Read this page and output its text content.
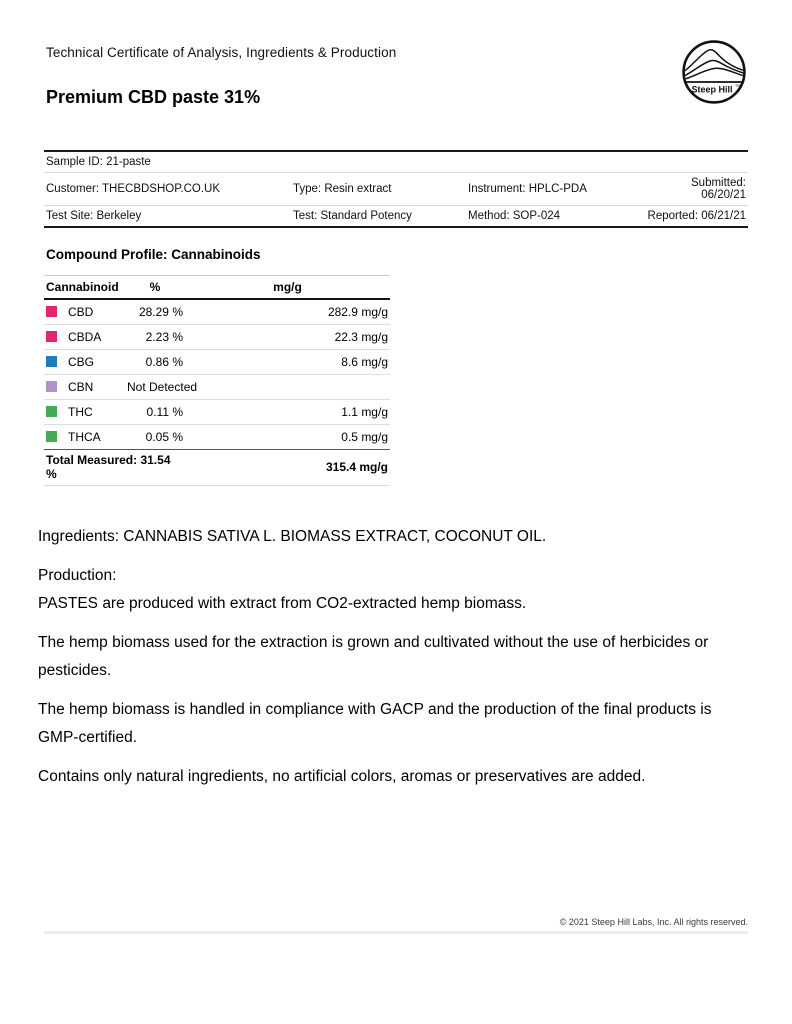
Technical Certificate of Analysis, Ingredients & Production
Premium CBD paste 31%	Steep Hill TM
Sample ID: 21-paste			
Customer: THECBDSHOP.CO.UK	Type: Resin extract	Instrument: HPLC-PDA	Submitted: 06/20/21
Test Site: Berkeley	Test: Standard Potency	Method: SOP-024	Reported: 06/21/21
Compound Profile: Cannabinoids
Cannabinoid	%	mg/g
CBD	28.29 %	282.9 mg/g
CBDA	2.23 %	22.3 mg/g
CBG	0.86 %	8.6 mg/g
CBN	Not Detected	
THC	0.11 %	1.1 mg/g
THCA	0.05 %	0.5 mg/g
Total Measured: 31.54 %		315.4 mg/g

Ingredients: CANNABIS SATIVA L. BIOMASS EXTRACT, COCONUT OIL.

Production:
PASTES are produced with extract from CO2-extracted hemp biomass.

The hemp biomass used for the extraction is grown and cultivated without the use of herbicides or pesticides.

The hemp biomass is handled in compliance with GACP and the production of the final products is GMP-certified.

Contains only natural ingredients, no artificial colors, aromas or preservatives are added.

© 2021 Steep Hill Labs, Inc. All rights reserved.
